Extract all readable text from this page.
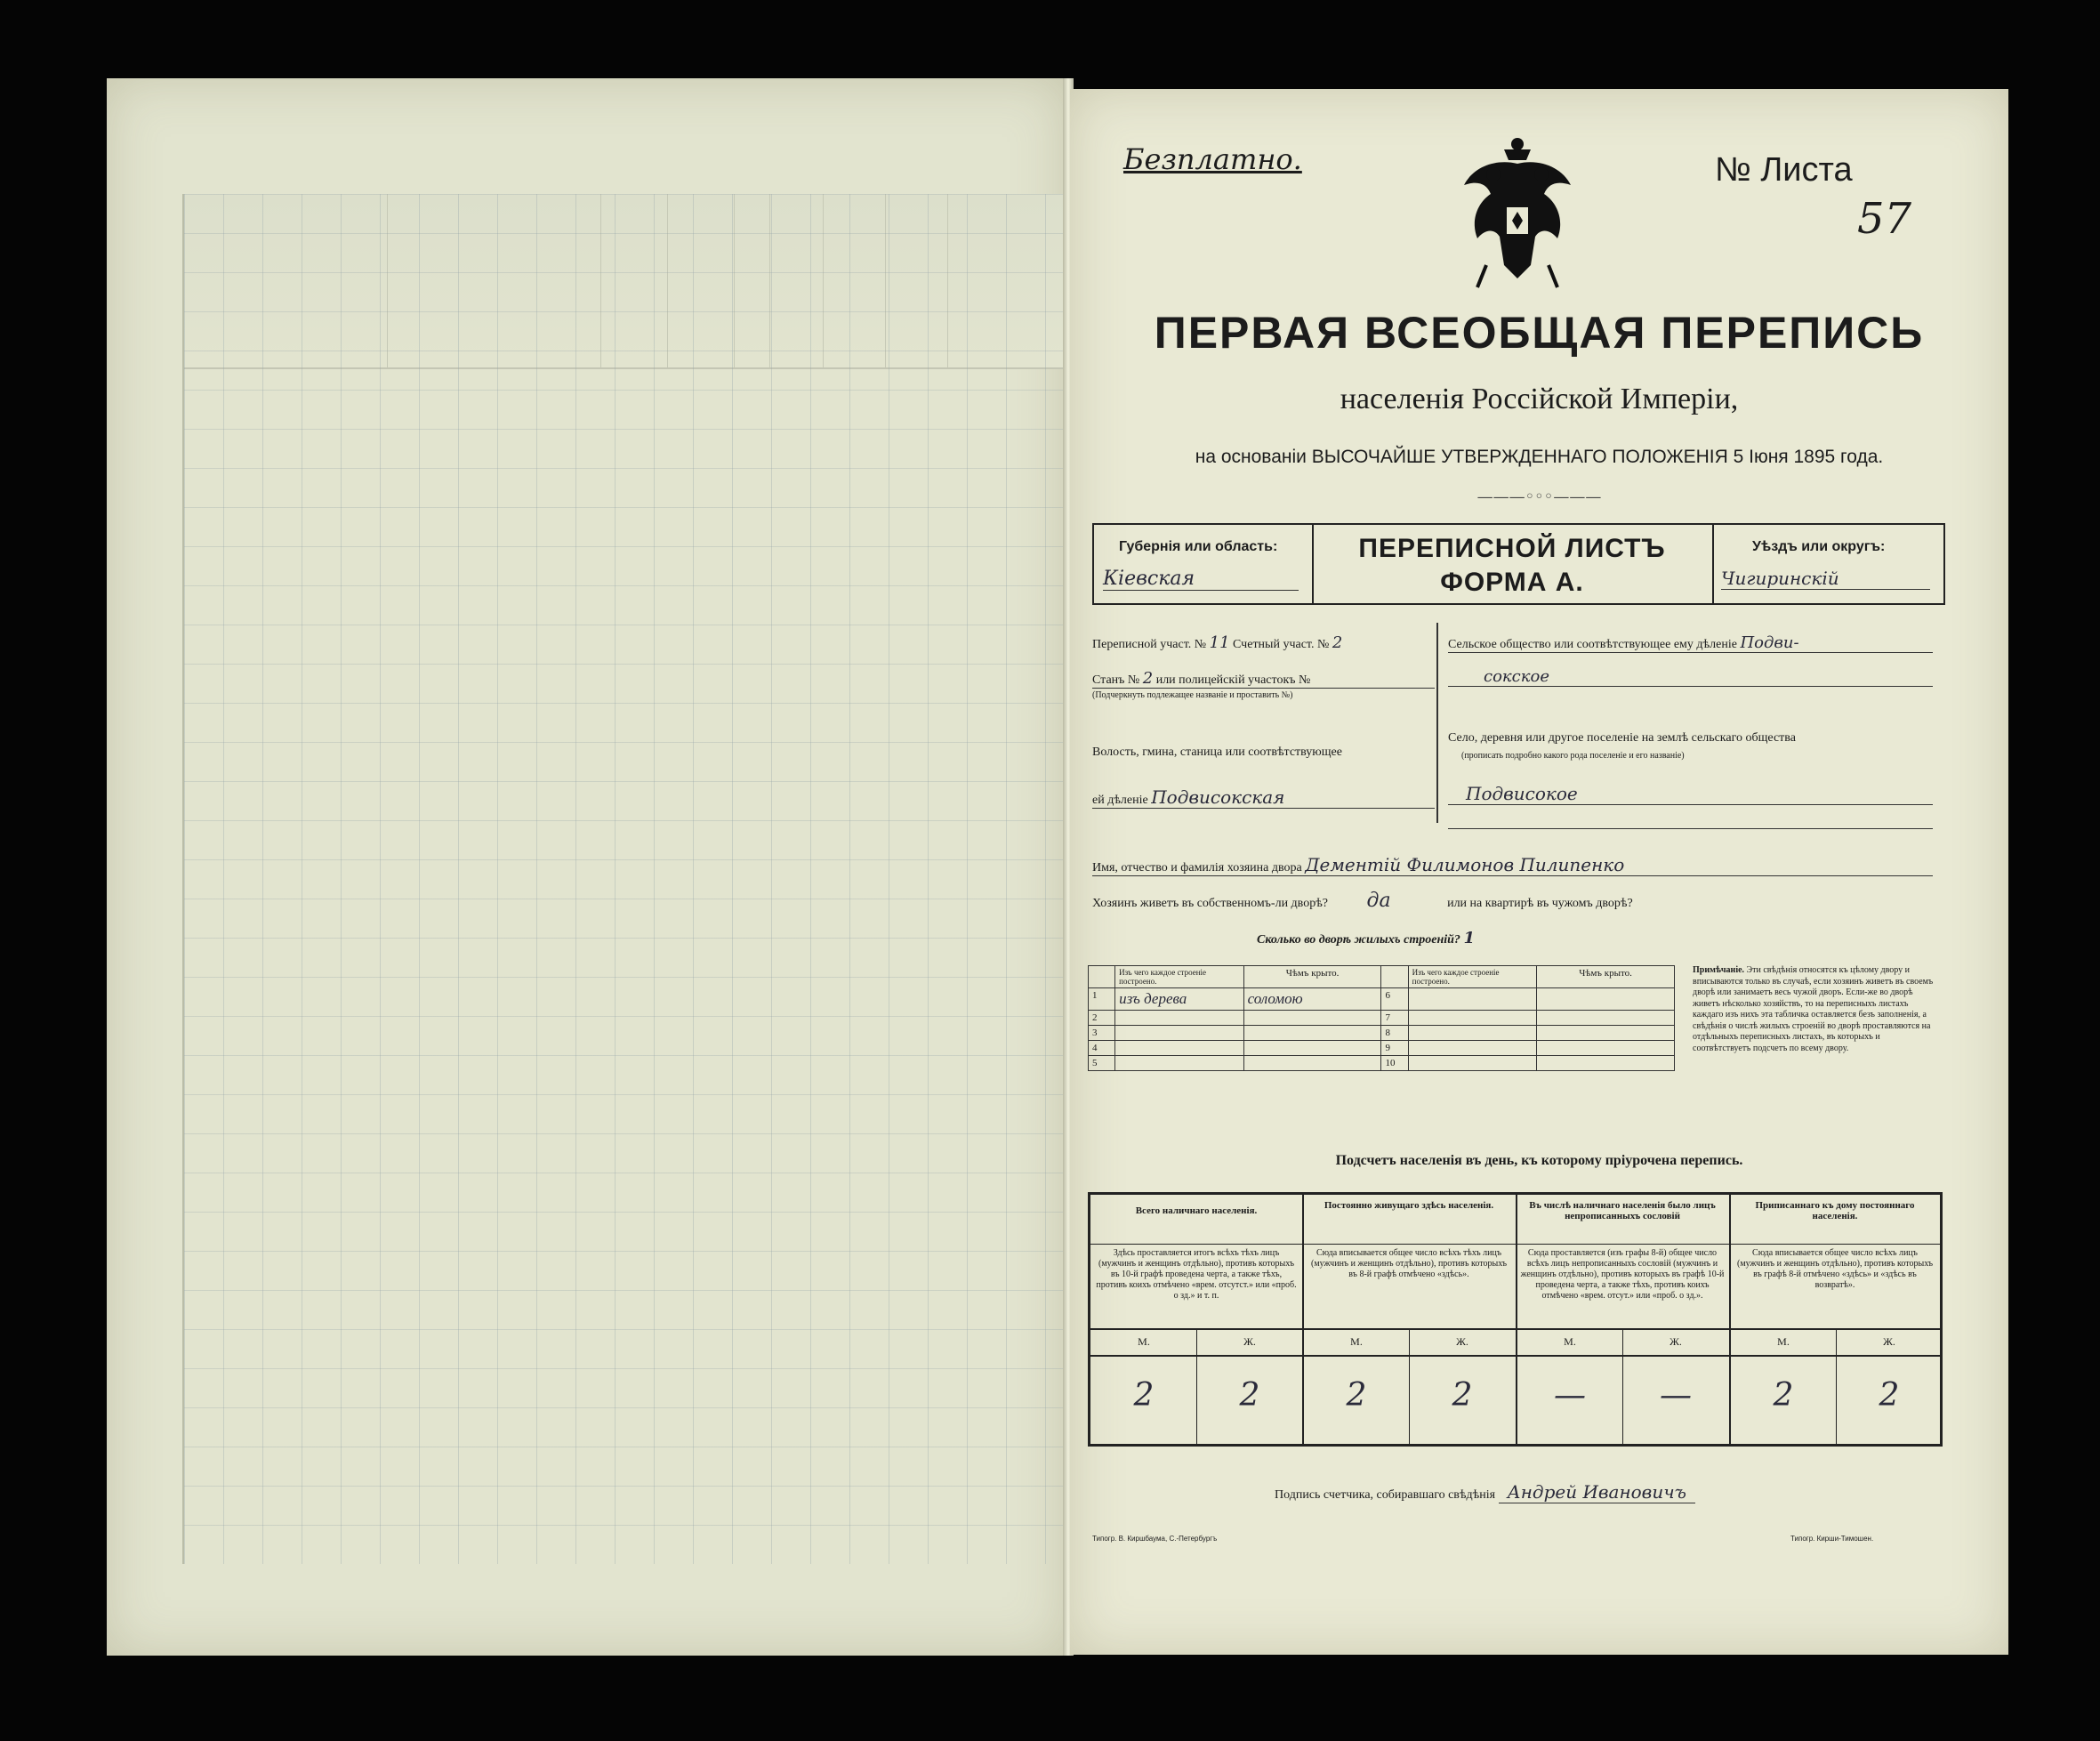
Безплатно.	№ Листа
57
ПЕРВАЯ ВСЕОБЩАЯ ПЕРЕПИСЬ
населенія Россійской Имперіи,
на основаніи ВЫСОЧАЙШЕ УТВЕРЖДЕННАГО ПОЛОЖЕНІЯ 5 Іюня 1895 года.
———◦◦◦———
Губернія или область:
Кiевская
ПЕРЕПИСНОЙ ЛИСТЪ
ФОРМА А.
Уѣздъ или округъ:
Чигиринскій
Переписной участ. № 11 Счетный участ. № 2
Станъ № 2 или полицейскій участокъ №
(Подчеркнуть подлежащее названіе и проставить №)
Волость, гмина, станица или соотвѣтствующее
ей дѣленіе Подвисокская
Сельское общество или соотвѣтствующее ему дѣленіе Подви-
сокское
Село, деревня или другое поселеніе на землѣ сельскаго общества
(прописать подробно какого рода поселеніе и его названіе)
Подвисокое
Имя, отчество и фамилія хозяина двора Дементій Филимонов Пилипенко
Хозяинъ живетъ въ собственномъ-ли дворѣ? да	или на квартирѣ въ чужомъ дворѣ?
Сколько во дворѣ жилыхъ строеній? 1
	Изъ чего каждое строеніе построено.	Чѣмъ крыто.		Изъ чего каждое строеніе построено.	Чѣмъ крыто.
1	изъ дерева	соломою	6		
2			7		
3			8		
4			9		
5			10		
Примѣчаніе. Эти свѣдѣнія относятся къ цѣлому двору и вписываются только въ случаѣ, если хозяинъ живетъ въ своемъ дворѣ или занимаетъ весь чужой дворъ. Если-же во дворѣ живетъ нѣсколько хозяйствъ, то на переписныхъ листахъ каждаго изъ нихъ эта табличка оставляется безъ заполненія, а свѣдѣнія о числѣ жилыхъ строеній во дворѣ проставляются на отдѣльныхъ переписныхъ листахъ, въ которыхъ и соотвѣтствуетъ подсчетъ по всему двору.
Подсчетъ населенія въ день, къ которому пріурочена перепись.
Всего наличнаго населенія.	Постоянно живущаго здѣсь населенія.	Въ числѣ наличнаго населенія было лицъ непрописанныхъ сословій
Приписаннаго къ дому постояннаго населенія.
Здѣсь проставляется итогъ всѣхъ тѣхъ лицъ (мужчинъ и женщинъ отдѣльно), противъ которыхъ въ 10-й графѣ проведена черта, а также тѣхъ, противъ коихъ отмѣчено «врем. отсутст.» или «проб. о зд.» и т. п.
Сюда вписывается общее число всѣхъ тѣхъ лицъ (мужчинъ и женщинъ отдѣльно), противъ которыхъ въ 8-й графѣ отмѣчено «здѣсь».
Сюда проставляется (изъ графы 8-й) общее число всѣхъ лицъ непрописанныхъ сословій (мужчинъ и женщинъ отдѣльно), противъ которыхъ въ графѣ 10-й проведена черта, а также тѣхъ, противъ коихъ отмѣчено «врем. отсут.» или «проб. о зд.».
Сюда вписывается общее число всѣхъ лицъ (мужчинъ и женщинъ отдѣльно), противъ которыхъ въ графѣ 8-й отмѣчено «здѣсь» и «здѣсь въ возвратѣ».
М.	Ж.	М.	Ж.	М.	Ж.	М.	Ж.
2	2	2	2	—	—	2	2
Подпись счетчика, собиравшаго свѣдѣнія Андрей Ивановичъ
Типогр. В. Киршбаума, С.-Петербургъ	Типогр. Кирши-Тимошен.
